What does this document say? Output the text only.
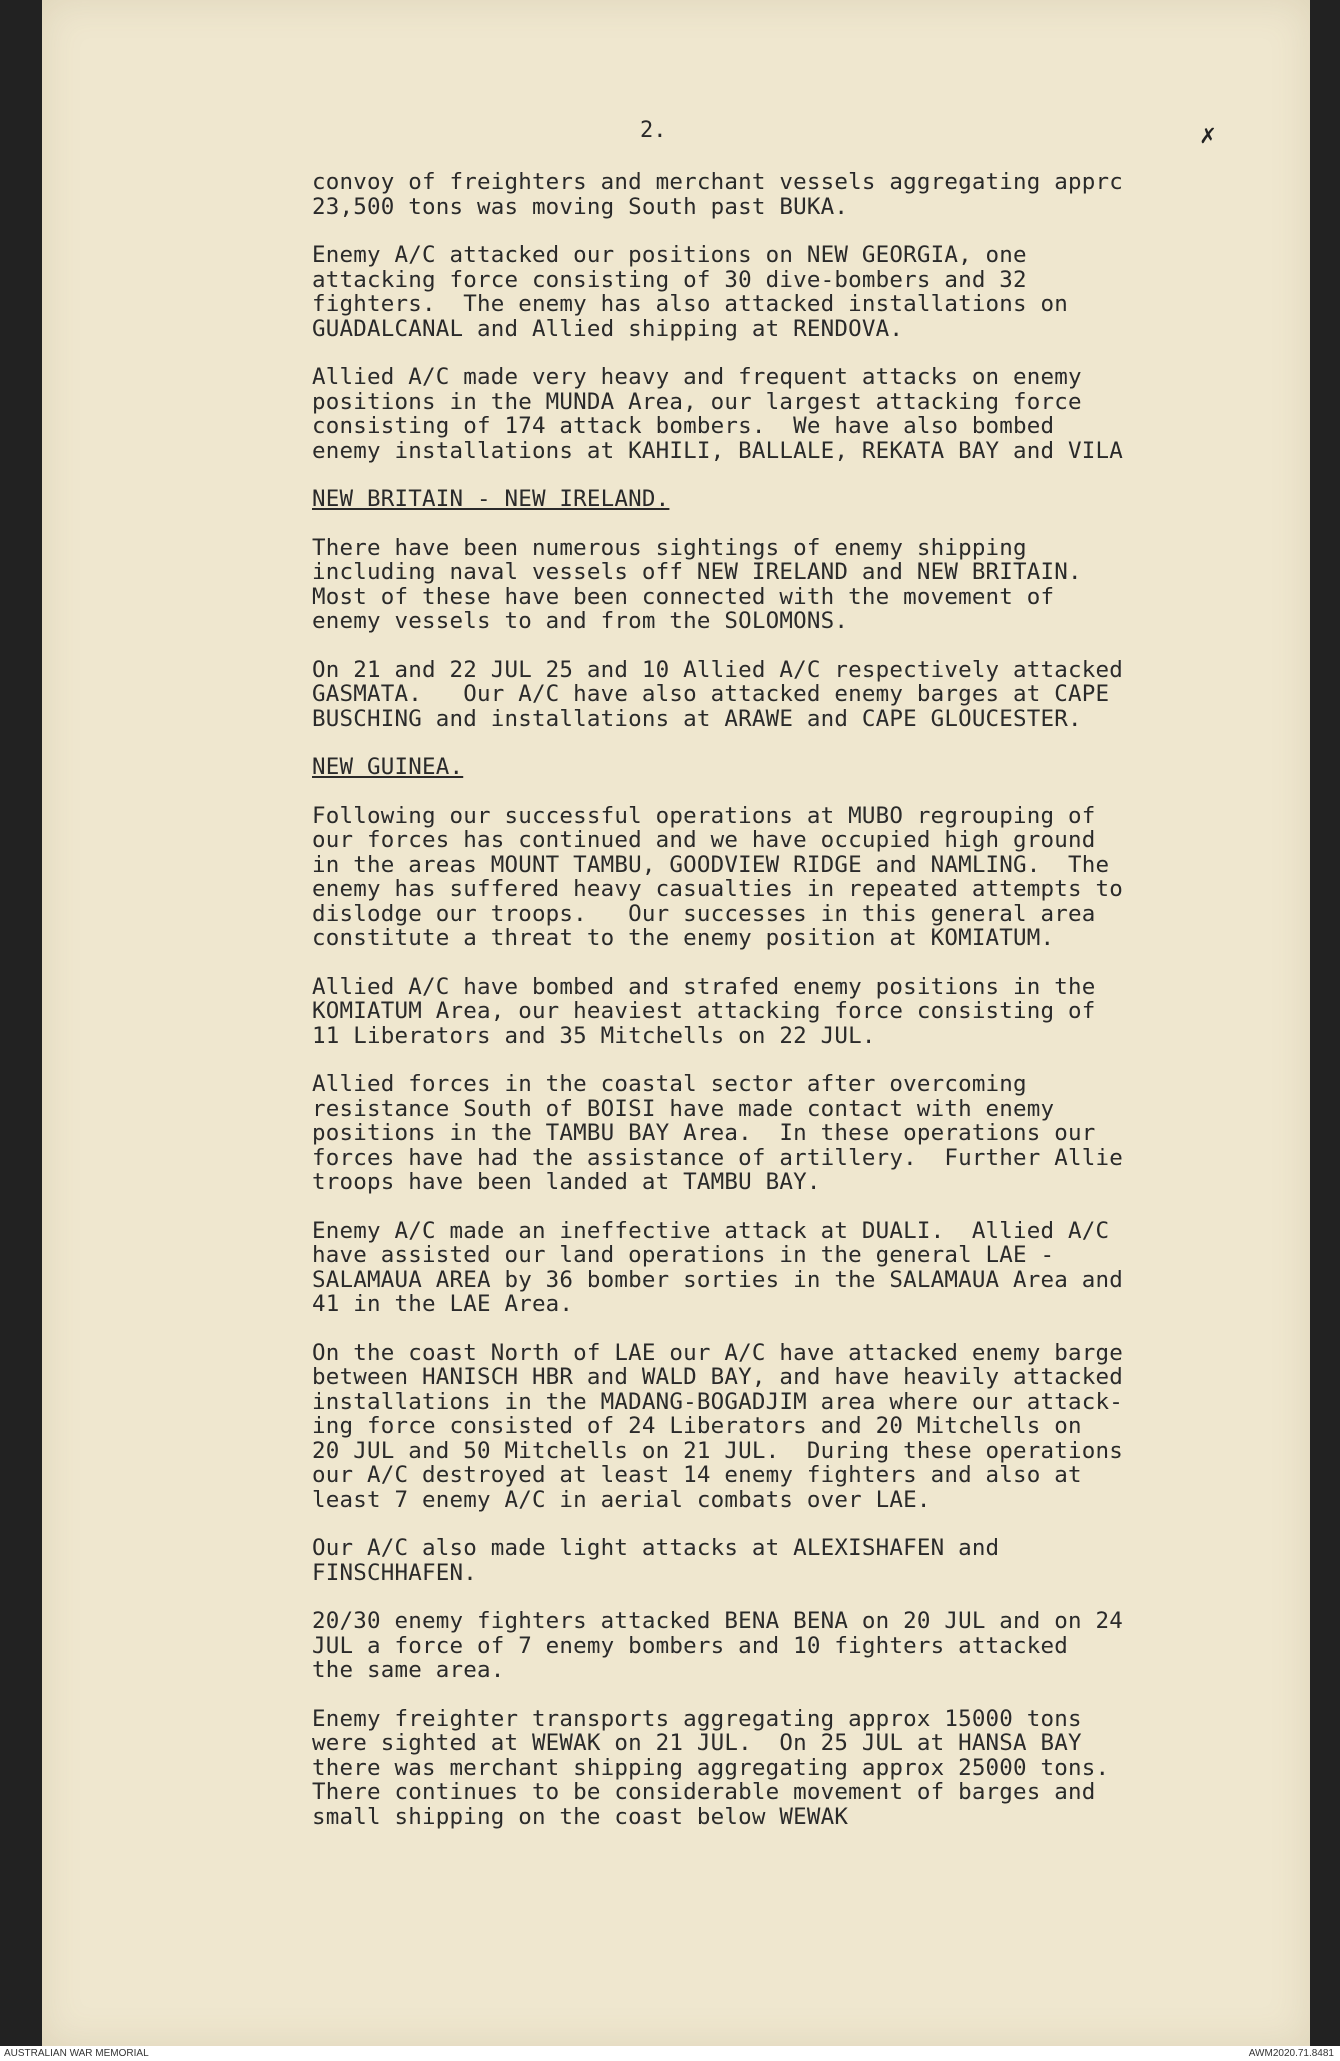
2.	✗
convoy of freighters and merchant vessels aggregating apprc
23,500 tons was moving South past BUKA.
Enemy A/C attacked our positions on NEW GEORGIA, one
attacking force consisting of 30 dive-bombers and 32
fighters.  The enemy has also attacked installations on
GUADALCANAL and Allied shipping at RENDOVA.
Allied A/C made very heavy and frequent attacks on enemy
positions in the MUNDA Area, our largest attacking force
consisting of 174 attack bombers.  We have also bombed
enemy installations at KAHILI, BALLALE, REKATA BAY and VILA
NEW BRITAIN - NEW IRELAND.
There have been numerous sightings of enemy shipping
including naval vessels off NEW IRELAND and NEW BRITAIN.
Most of these have been connected with the movement of
enemy vessels to and from the SOLOMONS.
On 21 and 22 JUL 25 and 10 Allied A/C respectively attacked
GASMATA.   Our A/C have also attacked enemy barges at CAPE
BUSCHING and installations at ARAWE and CAPE GLOUCESTER.
NEW GUINEA.
Following our successful operations at MUBO regrouping of
our forces has continued and we have occupied high ground
in the areas MOUNT TAMBU, GOODVIEW RIDGE and NAMLING.  The
enemy has suffered heavy casualties in repeated attempts to
dislodge our troops.   Our successes in this general area
constitute a threat to the enemy position at KOMIATUM.
Allied A/C have bombed and strafed enemy positions in the
KOMIATUM Area, our heaviest attacking force consisting of
11 Liberators and 35 Mitchells on 22 JUL.
Allied forces in the coastal sector after overcoming
resistance South of BOISI have made contact with enemy
positions in the TAMBU BAY Area.  In these operations our
forces have had the assistance of artillery.  Further Allie
troops have been landed at TAMBU BAY.
Enemy A/C made an ineffective attack at DUALI.  Allied A/C
have assisted our land operations in the general LAE -
SALAMAUA AREA by 36 bomber sorties in the SALAMAUA Area and
41 in the LAE Area.
On the coast North of LAE our A/C have attacked enemy barge
between HANISCH HBR and WALD BAY, and have heavily attacked
installations in the MADANG-BOGADJIM area where our attack-
ing force consisted of 24 Liberators and 20 Mitchells on
20 JUL and 50 Mitchells on 21 JUL.  During these operations
our A/C destroyed at least 14 enemy fighters and also at
least 7 enemy A/C in aerial combats over LAE.
Our A/C also made light attacks at ALEXISHAFEN and
FINSCHHAFEN.
20/30 enemy fighters attacked BENA BENA on 20 JUL and on 24
JUL a force of 7 enemy bombers and 10 fighters attacked
the same area.
Enemy freighter transports aggregating approx 15000 tons
were sighted at WEWAK on 21 JUL.  On 25 JUL at HANSA BAY
there was merchant shipping aggregating approx 25000 tons.
There continues to be considerable movement of barges and
small shipping on the coast below WEWAK
AUSTRALIAN WAR MEMORIAL	AWM2020.71.8481
